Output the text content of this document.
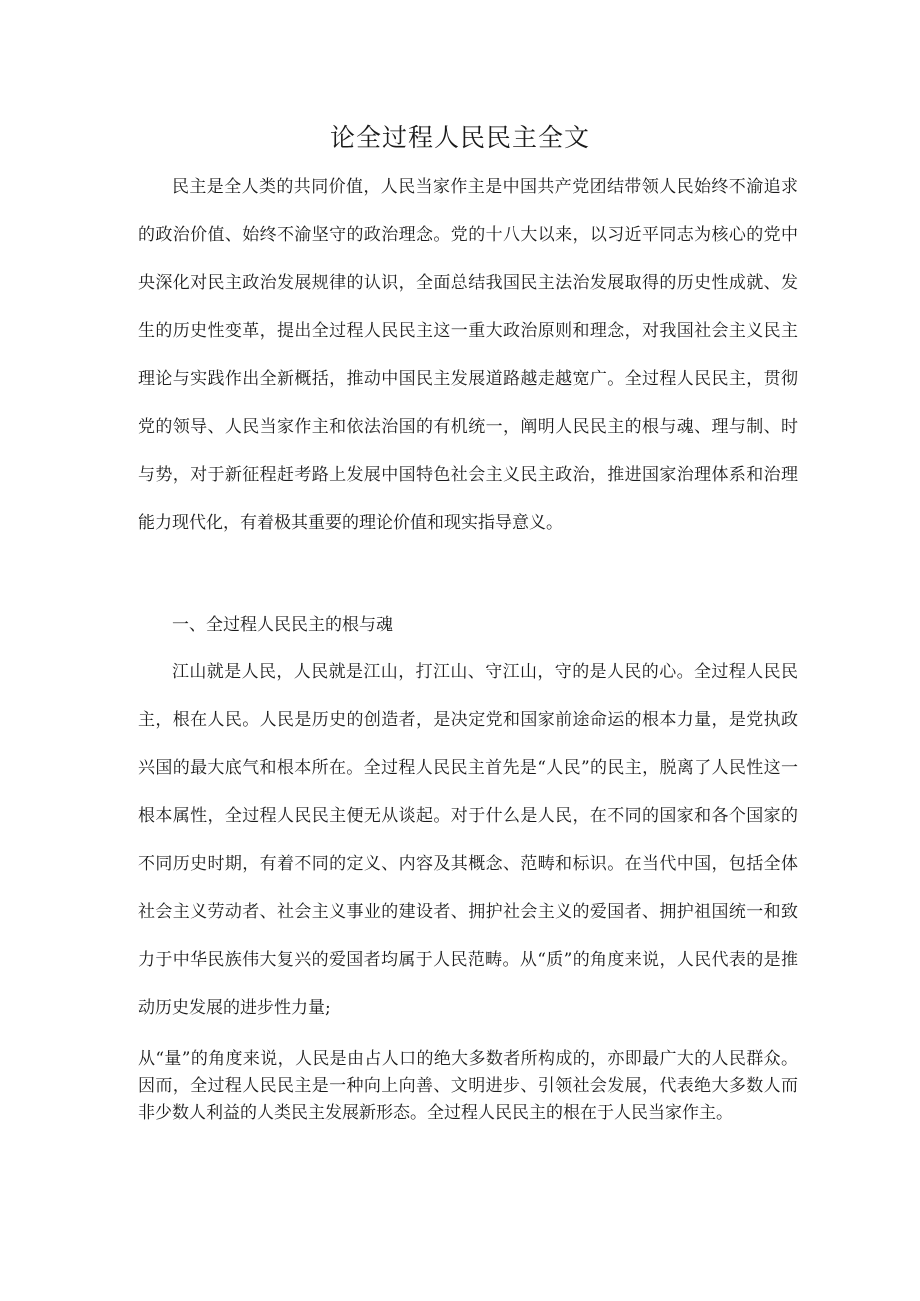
论全过程人民民主全文

民主是全人类的共同价值，人民当家作主是中国共产党团结带领人民始终不渝追求的政治价值、始终不渝坚守的政治理念。党的十八大以来，以习近平同志为核心的党中央深化对民主政治发展规律的认识，全面总结我国民主法治发展取得的历史性成就、发生的历史性变革，提出全过程人民民主这一重大政治原则和理念，对我国社会主义民主理论与实践作出全新概括，推动中国民主发展道路越走越宽广。全过程人民民主，贯彻党的领导、人民当家作主和依法治国的有机统一，阐明人民民主的根与魂、理与制、时与势，对于新征程赶考路上发展中国特色社会主义民主政治，推进国家治理体系和治理能力现代化，有着极其重要的理论价值和现实指导意义。

一、全过程人民民主的根与魂

江山就是人民，人民就是江山，打江山、守江山，守的是人民的心。全过程人民民主，根在人民。人民是历史的创造者，是决定党和国家前途命运的根本力量，是党执政兴国的最大底气和根本所在。全过程人民民主首先是“人民”的民主，脱离了人民性这一根本属性，全过程人民民主便无从谈起。对于什么是人民，在不同的国家和各个国家的不同历史时期，有着不同的定义、内容及其概念、范畴和标识。在当代中国，包括全体社会主义劳动者、社会主义事业的建设者、拥护社会主义的爱国者、拥护祖国统一和致力于中华民族伟大复兴的爱国者均属于人民范畴。从“质”的角度来说，人民代表的是推动历史发展的进步性力量;

从“量”的角度来说，人民是由占人口的绝大多数者所构成的，亦即最广大的人民群众。因而，全过程人民民主是一种向上向善、文明进步、引领社会发展，代表绝大多数人而非少数人利益的人类民主发展新形态。全过程人民民主的根在于人民当家作主。
